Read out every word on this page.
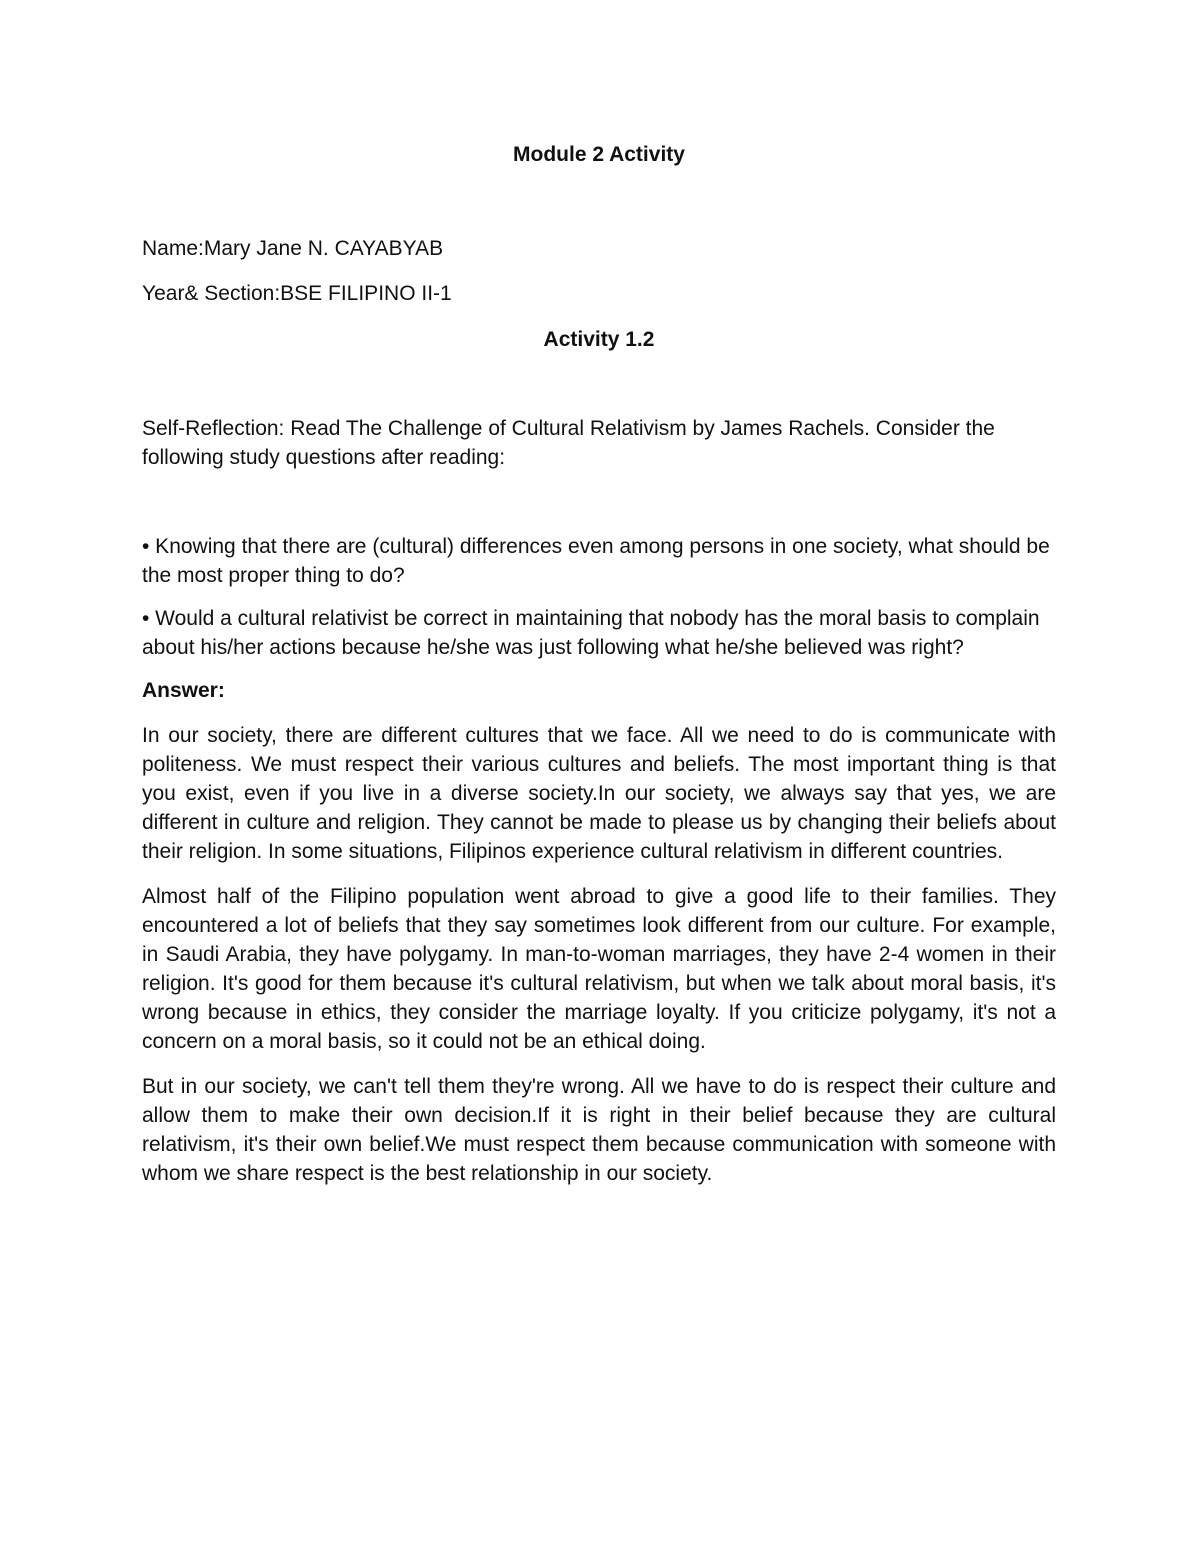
Module 2 Activity

Name:Mary Jane N. CAYABYAB

Year& Section:BSE FILIPINO II-1

Activity 1.2

Self-Reflection: Read The Challenge of Cultural Relativism by James Rachels. Consider the following study questions after reading:

• Knowing that there are (cultural) differences even among persons in one society, what should be the most proper thing to do?
• Would a cultural relativist be correct in maintaining that nobody has the moral basis to complain about his/her actions because he/she was just following what he/she believed was right?

Answer:

In our society, there are different cultures that we face. All we need to do is communicate with politeness. We must respect their various cultures and beliefs. The most important thing is that you exist, even if you live in a diverse society.In our society, we always say that yes, we are different in culture and religion. They cannot be made to please us by changing their beliefs about their religion. In some situations, Filipinos experience cultural relativism in different countries.

Almost half of the Filipino population went abroad to give a good life to their families. They encountered a lot of beliefs that they say sometimes look different from our culture. For example, in Saudi Arabia, they have polygamy. In man-to-woman marriages, they have 2-4 women in their religion. It's good for them because it's cultural relativism, but when we talk about moral basis, it's wrong because in ethics, they consider the marriage loyalty. If you criticize polygamy, it's not a concern on a moral basis, so it could not be an ethical doing.

But in our society, we can't tell them they're wrong. All we have to do is respect their culture and allow them to make their own decision.If it is right in their belief because they are cultural relativism, it's their own belief.We must respect them because communication with someone with whom we share respect is the best relationship in our society.
